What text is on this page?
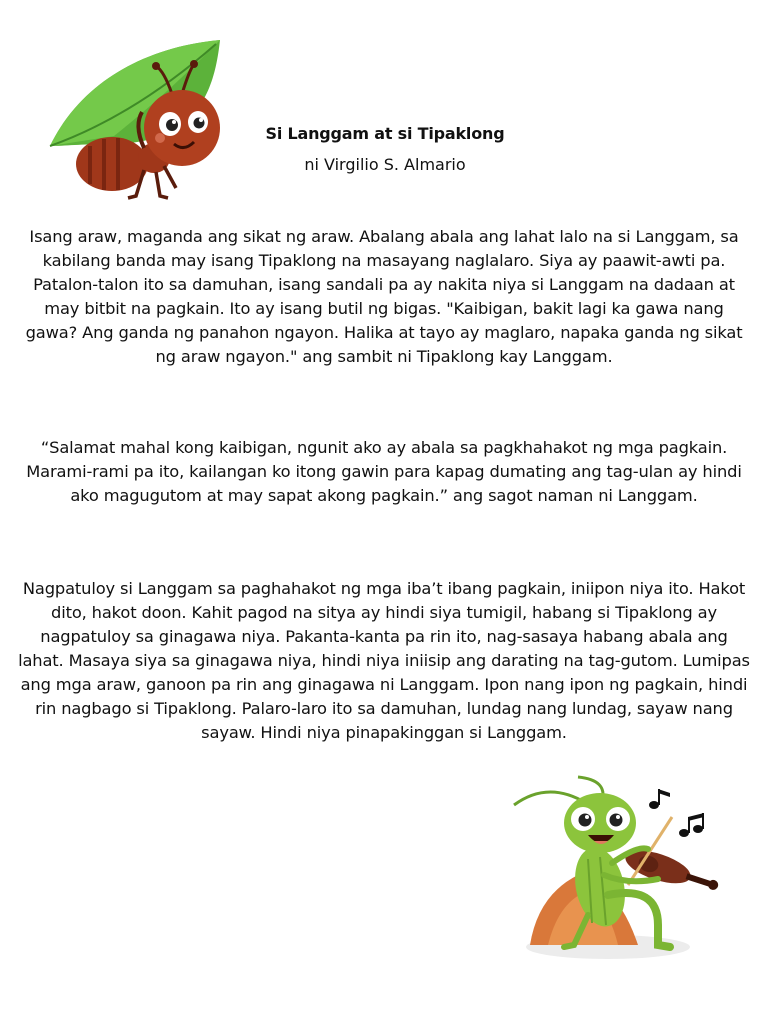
Si Langgam at si Tipaklong
ni Virgilio S. Almario

Isang araw, maganda ang sikat ng araw. Abalang abala ang lahat lalo na si Langgam, sa kabilang banda may isang Tipaklong na masayang naglalaro. Siya ay paawit-awti pa. Patalon-talon ito sa damuhan, isang sandali pa ay nakita niya si Langgam na dadaan at may bitbit na pagkain. Ito ay isang butil ng bigas. "Kaibigan, bakit lagi ka gawa nang gawa? Ang ganda ng panahon ngayon. Halika at tayo ay maglaro, napaka ganda ng sikat ng araw ngayon." ang sambit ni Tipaklong kay Langgam.

“Salamat mahal kong kaibigan, ngunit ako ay abala sa pagkhahakot ng mga pagkain. Marami-rami pa ito, kailangan ko itong gawin para kapag dumating ang tag-ulan ay hindi ako magugutom at may sapat akong pagkain.” ang sagot naman ni Langgam.

Nagpatuloy si Langgam sa paghahakot ng mga iba’t ibang pagkain, iniipon niya ito. Hakot dito, hakot doon. Kahit pagod na sitya ay hindi siya tumigil, habang si Tipaklong ay nagpatuloy sa ginagawa niya. Pakanta-kanta pa rin ito, nag-sasaya habang abala ang lahat. Masaya siya sa ginagawa niya, hindi niya iniisip ang darating na tag-gutom. Lumipas ang mga araw, ganoon pa rin ang ginagawa ni Langgam. Ipon nang ipon ng pagkain, hindi rin nagbago si Tipaklong. Palaro-laro ito sa damuhan, lundag nang lundag, sayaw nang sayaw. Hindi niya pinapakinggan si Langgam.
